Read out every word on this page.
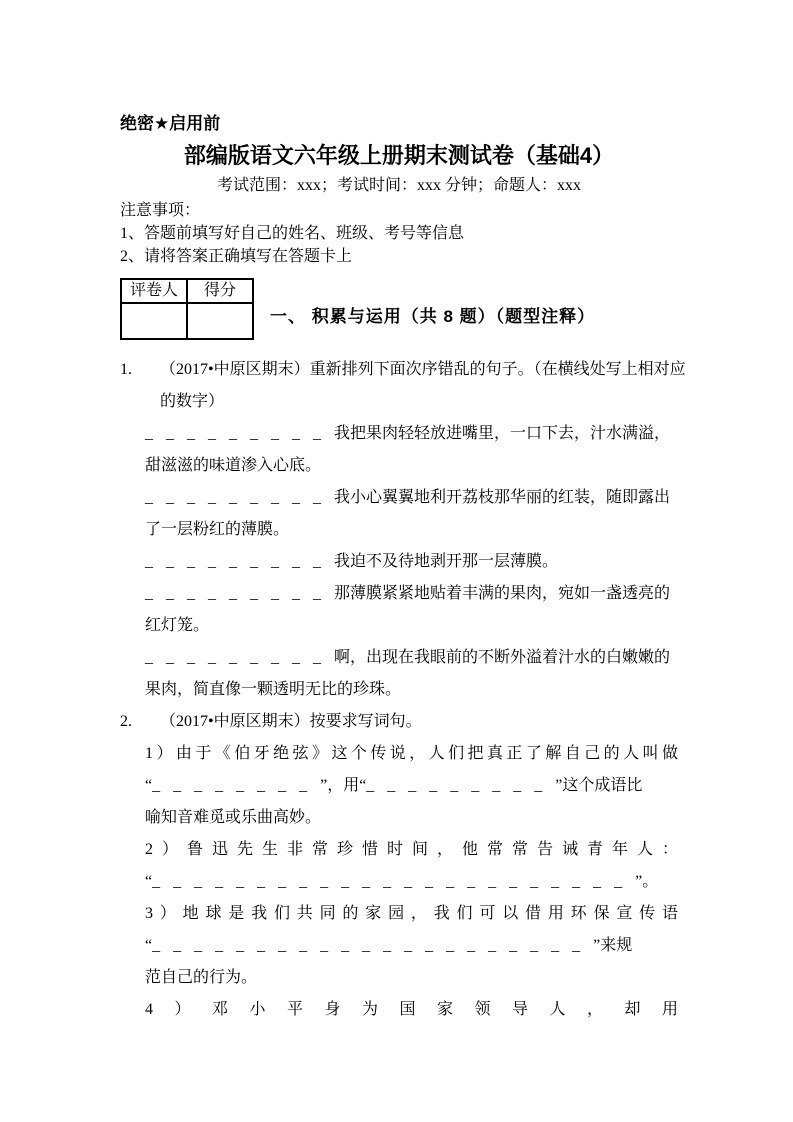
绝密★启用前
部编版语文六年级上册期末测试卷（基础4）
考试范围：xxx；考试时间：xxx 分钟；命题人：xxx
注意事项：
1、答题前填写好自己的姓名、班级、考号等信息
2、请将答案正确填写在答题卡上
评卷人	得分

一、 积累与运用（共 8 题）（题型注释）
1. （2017•中原区期末）重新排列下面次序错乱的句子。（在横线处写上相对应
的数字）
_ _ _ _ _ _ _ _ _ 我把果肉轻轻放进嘴里，一口下去，汁水满溢，
甜滋滋的味道渗入心底。
_ _ _ _ _ _ _ _ _ 我小心翼翼地利开荔枝那华丽的红装，随即露出
了一层粉红的薄膜。
_ _ _ _ _ _ _ _ _ 我迫不及待地剥开那一层薄膜。
_ _ _ _ _ _ _ _ _ 那薄膜紧紧地贴着丰满的果肉，宛如一盏透亮的
红灯笼。
_ _ _ _ _ _ _ _ _ 啊，出现在我眼前的不断外溢着汁水的白嫩嫩的
果肉，简直像一颗透明无比的珍珠。
2. （2017•中原区期末）按要求写词句。
1）由于《伯牙绝弦》这个传说，人们把真正了解自己的人叫做
“_ _ _ _ _ _ _ _ ”，用“_ _ _ _ _ _ _ _ _ ”这个成语比
喻知音难觅或乐曲高妙。
2）鲁迅先生非常珍惜时间，他常常告诫青年人：
“_ _ _ _ _ _ _ _ _ _ _ _ _ _ _ _ _ _ _ _ _ _ _ ”。
3）地球是我们共同的家园，我们可以借用环保宣传语
“_ _ _ _ _ _ _ _ _ _ _ _ _ _ _ _ _ _ _ _ _ ”来规
范自己的行为。
4）邓小平身为国家领导人，却用
